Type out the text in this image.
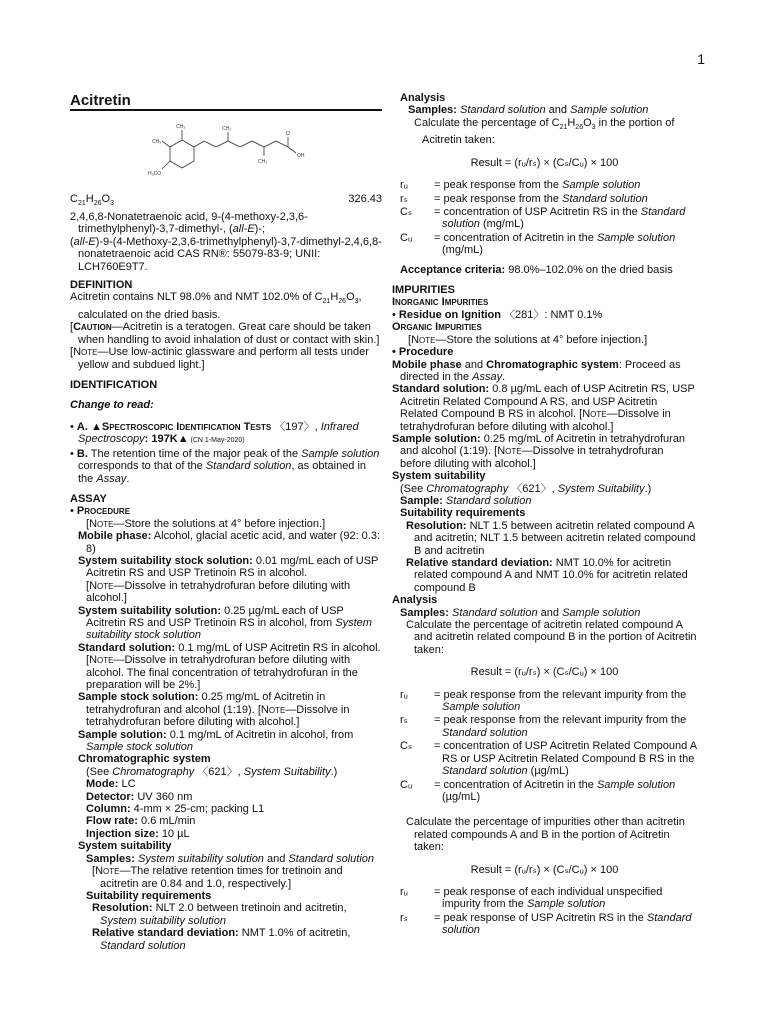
1
Acitretin
CH₃
CH₃
CH₃
CH₃
H₃CO
O
OH
$C_{21}H_{26}O_3$	326.43

2,4,6,8-Nonatetraenoic acid, 9-(4-methoxy-2,3,6-trimethylphenyl)-3,7-dimethyl-, (all-E)-;

(all-E)-9-(4-Methoxy-2,3,6-trimethylphenyl)-3,7-dimethyl-2,4,6,8-nonatetraenoic acid CAS RN®: 55079-83-9; UNII: LCH760E9T7.

DEFINITION

Acitretin contains NLT 98.0% and NMT 102.0% of $C_{21}H_{26}O_3$, calculated on the dried basis.

[Caution—Acitretin is a teratogen. Great care should be taken when handling to avoid inhalation of dust or contact with skin.]

[Note—Use low-actinic glassware and perform all tests under yellow and subdued light.]

IDENTIFICATION
Change to read:

• A. ▲Spectroscopic Identification Tests 〈197〉, Infrared Spectroscopy: 197K▲ (CN 1-May-2020)

• B. The retention time of the major peak of the Sample solution corresponds to that of the Standard solution, as obtained in the Assay.

ASSAY

• Procedure

[Note—Store the solutions at 4° before injection.]

Mobile phase: Alcohol, glacial acetic acid, and water (92: 0.3: 8)

System suitability stock solution: 0.01 mg/mL each of USP Acitretin RS and USP Tretinoin RS in alcohol.

[Note—Dissolve in tetrahydrofuran before diluting with alcohol.]

System suitability solution: 0.25 µg/mL each of USP Acitretin RS and USP Tretinoin RS in alcohol, from System suitability stock solution

Standard solution: 0.1 mg/mL of USP Acitretin RS in alcohol. [Note—Dissolve in tetrahydrofuran before diluting with alcohol. The final concentration of tetrahydrofuran in the preparation will be 2%.]

Sample stock solution: 0.25 mg/mL of Acitretin in tetrahydrofuran and alcohol (1:19). [Note—Dissolve in tetrahydrofuran before diluting with alcohol.]

Sample solution: 0.1 mg/mL of Acitretin in alcohol, from Sample stock solution

Chromatographic system

(See Chromatography 〈621〉, System Suitability.)

Mode: LC

Detector: UV 360 nm

Column: 4-mm × 25-cm; packing L1

Flow rate: 0.6 mL/min

Injection size: 10 µL

System suitability

Samples: System suitability solution and Standard solution

[Note—The relative retention times for tretinoin and acitretin are 0.84 and 1.0, respectively.]

Suitability requirements

Resolution: NLT 2.0 between tretinoin and acitretin, System suitability solution

Relative standard deviation: NMT 1.0% of acitretin, Standard solution

Analysis

Samples: Standard solution and Sample solution

Calculate the percentage of $C_{21}H_{26}O_3$ in the portion of Acitretin taken:

Result = (rᵤ/rₛ) × (Cₛ/Cᵤ) × 100
rᵤ	= peak response from the Sample solution
rₛ	= peak response from the Standard solution
Cₛ	= concentration of USP Acitretin RS in the Standard solution (mg/mL)
Cᵤ	= concentration of Acitretin in the Sample solution (mg/mL)

Acceptance criteria: 98.0%–102.0% on the dried basis

IMPURITIES

Inorganic Impurities

• Residue on Ignition 〈281〉: NMT 0.1%

Organic Impurities

[Note—Store the solutions at 4° before injection.]

• Procedure

Mobile phase and Chromatographic system: Proceed as directed in the Assay.

Standard solution: 0.8 µg/mL each of USP Acitretin RS, USP Acitretin Related Compound A RS, and USP Acitretin Related Compound B RS in alcohol. [Note—Dissolve in tetrahydrofuran before diluting with alcohol.]

Sample solution: 0.25 mg/mL of Acitretin in tetrahydrofuran and alcohol (1:19). [Note—Dissolve in tetrahydrofuran before diluting with alcohol.]

System suitability

(See Chromatography 〈621〉, System Suitability.)

Sample: Standard solution

Suitability requirements

Resolution: NLT 1.5 between acitretin related compound A and acitretin; NLT 1.5 between acitretin related compound B and acitretin

Relative standard deviation: NMT 10.0% for acitretin related compound A and NMT 10.0% for acitretin related compound B

Analysis

Samples: Standard solution and Sample solution

Calculate the percentage of acitretin related compound A and acitretin related compound B in the portion of Acitretin taken:

Result = (rᵤ/rₛ) × (Cₛ/Cᵤ) × 100
rᵤ	= peak response from the relevant impurity from the Sample solution
rₛ	= peak response from the relevant impurity from the Standard solution
Cₛ	= concentration of USP Acitretin Related Compound A RS or USP Acitretin Related Compound B RS in the Standard solution (µg/mL)
Cᵤ	= concentration of Acitretin in the Sample solution (µg/mL)

Calculate the percentage of impurities other than acitretin related compounds A and B in the portion of Acitretin taken:

Result = (rᵤ/rₛ) × (Cₛ/Cᵤ) × 100
rᵤ	= peak response of each individual unspecified impurity from the Sample solution
rₛ	= peak response of USP Acitretin RS in the Standard solution
